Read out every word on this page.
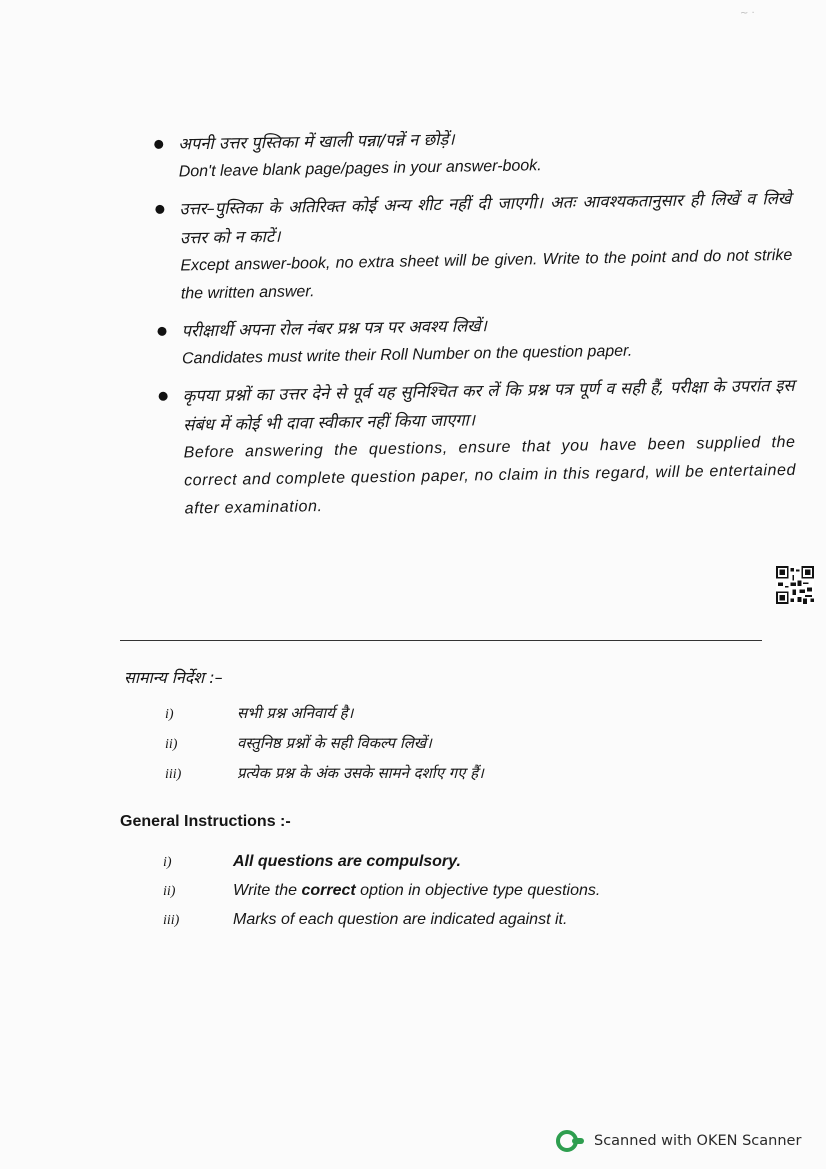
~ ·

अपनी उत्तर पुस्तिका में खाली पन्ना/पन्नें न छोड़ें।

Don't leave blank page/pages in your answer-book.

उत्तर–पुस्तिका के अतिरिक्त कोई अन्य शीट नहीं दी जाएगी। अतः आवश्यकतानुसार ही लिखें व लिखे उत्तर को न काटें।

Except answer-book, no extra sheet will be given. Write to the point and do not strike the written answer.

परीक्षार्थी अपना रोल नंबर प्रश्न पत्र पर अवश्य लिखें।

Candidates must write their Roll Number on the question paper.

कृपया प्रश्नों का उत्तर देने से पूर्व यह सुनिश्चित कर लें कि प्रश्न पत्र पूर्ण व सही हैं, परीक्षा के उपरांत इस संबंध में कोई भी दावा स्वीकार नहीं किया जाएगा।

Before answering the questions, ensure that you have been supplied the correct and complete question paper, no claim in this regard, will be entertained after examination.

सामान्य निर्देश :–
i)	सभी प्रश्न अनिवार्य है।
ii)	वस्तुनिष्ठ प्रश्नों के सही विकल्प लिखें।
iii)	प्रत्येक प्रश्न के अंक उसके सामने दर्शाए गए हैं।
General Instructions :-
i)	All questions are compulsory.
ii)	Write the correct option in objective type questions.
iii)	Marks of each question are indicated against it.
Scanned with OKEN Scanner
